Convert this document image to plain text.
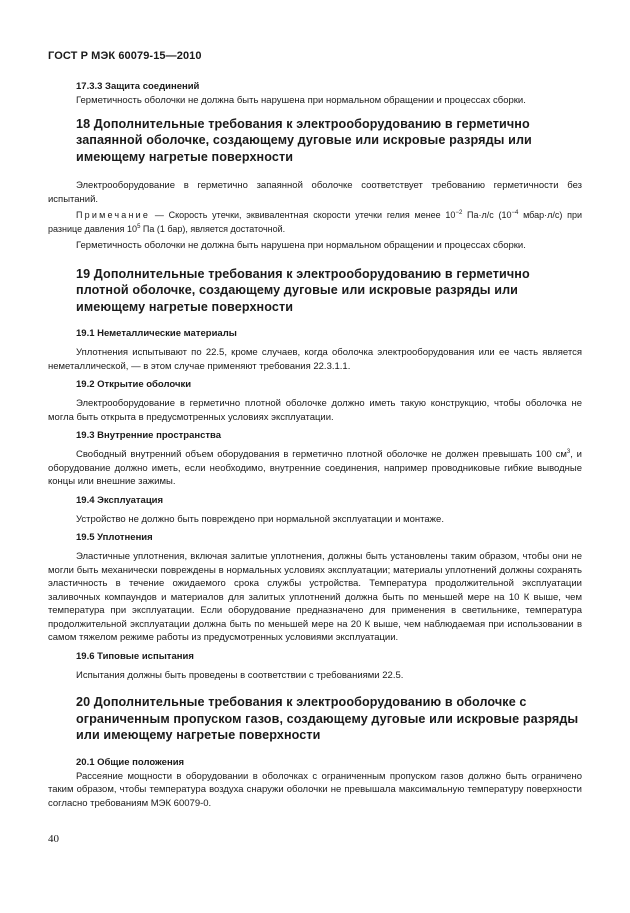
ГОСТ Р МЭК 60079-15—2010

17.3.3 Защита соединений

Герметичность оболочки не должна быть нарушена при нормальном обращении и процессах сборки.

18 Дополнительные требования к электрооборудованию в герметично запаянной оболочке, создающему дуговые или искровые разряды или имеющему нагретые поверхности

Электрооборудование в герметично запаянной оболочке соответствует требованию герметичности без испытаний.

Примечание — Скорость утечки, эквивалентная скорости утечки гелия менее $10^{-2}$ Па·л/с ($10^{-4}$ мбар·л/с) при разнице давления $10^5$ Па (1 бар), является достаточной.

Герметичность оболочки не должна быть нарушена при нормальном обращении и процессах сборки.

19 Дополнительные требования к электрооборудованию в герметично плотной оболочке, создающему дуговые или искровые разряды или имеющему нагретые поверхности

19.1 Неметаллические материалы

Уплотнения испытывают по 22.5, кроме случаев, когда оболочка электрооборудования или ее часть является неметаллической, — в этом случае применяют требования 22.3.1.1.

19.2 Открытие оболочки

Электрооборудование в герметично плотной оболочке должно иметь такую конструкцию, чтобы оболочка не могла быть открыта в предусмотренных условиях эксплуатации.

19.3 Внутренние пространства

Свободный внутренний объем оборудования в герметично плотной оболочке не должен превышать 100 $см^3$, и оборудование должно иметь, если необходимо, внутренние соединения, например проводниковые гибкие выводные концы или внешние зажимы.

19.4 Эксплуатация

Устройство не должно быть повреждено при нормальной эксплуатации и монтаже.

19.5 Уплотнения

Эластичные уплотнения, включая залитые уплотнения, должны быть установлены таким образом, чтобы они не могли быть механически повреждены в нормальных условиях эксплуатации; материалы уплотнений должны сохранять эластичность в течение ожидаемого срока службы устройства. Температура продолжительной эксплуатации заливочных компаундов и материалов для залитых уплотнений должна быть по меньшей мере на 10 К выше, чем температура при эксплуатации. Если оборудование предназначено для применения в светильнике, температура продолжительной эксплуатации должна быть по меньшей мере на 20 К выше, чем наблюдаемая при использовании в самом тяжелом режиме работы из предусмотренных условиями эксплуатации.

19.6 Типовые испытания

Испытания должны быть проведены в соответствии с требованиями 22.5.

20 Дополнительные требования к электрооборудованию в оболочке с ограниченным пропуском газов, создающему дуговые или искровые разряды или имеющему нагретые поверхности

20.1 Общие положения

Рассеяние мощности в оборудовании в оболочках с ограниченным пропуском газов должно быть ограничено таким образом, чтобы температура воздуха снаружи оболочки не превышала максимальную температуру поверхности согласно требованиям МЭК 60079-0.

40
